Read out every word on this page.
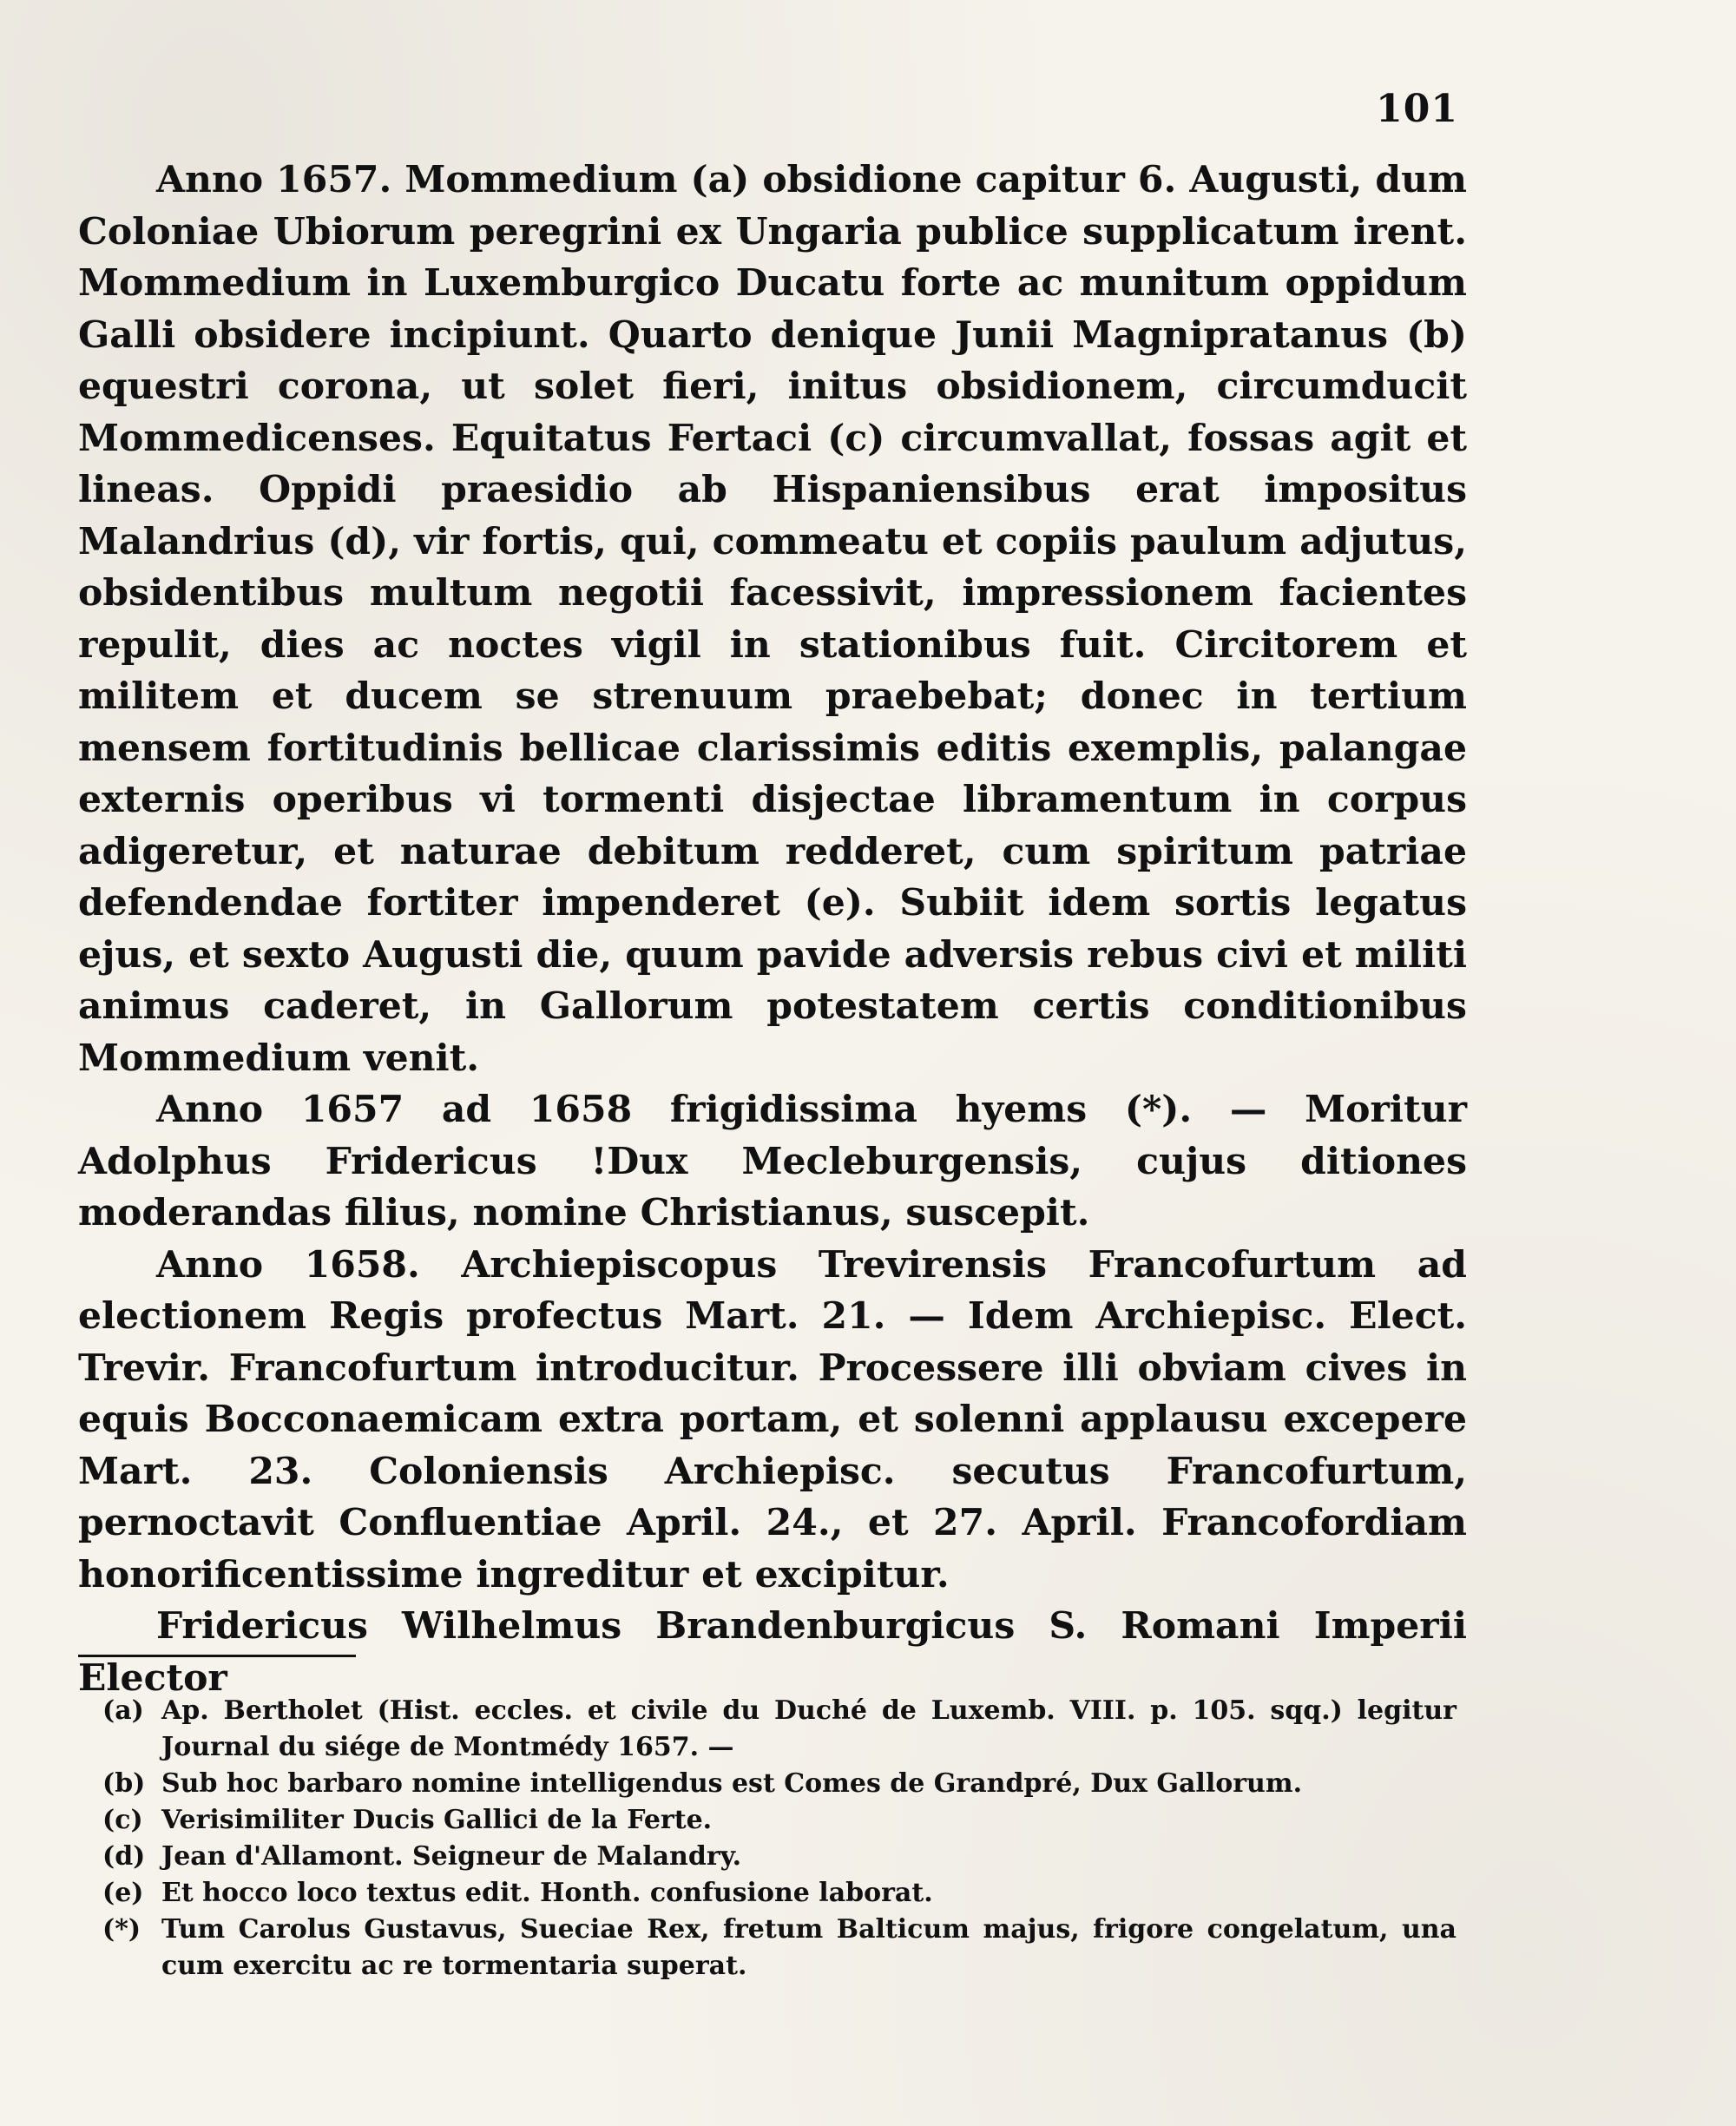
101

Anno 1657. Mommedium (a) obsidione capitur 6. Augusti, dum Coloniae Ubiorum peregrini ex Ungaria publice supplicatum irent. Mommedium in Luxemburgico Ducatu forte ac munitum oppidum Galli obsidere incipiunt. Quarto denique Junii Magnipratanus (b) equestri corona, ut solet fieri, initus obsidionem, circumducit Mommedicenses. Equitatus Fertaci (c) circumvallat, fossas agit et lineas. Oppidi praesidio ab Hispaniensibus erat impositus Malandrius (d), vir fortis, qui, commeatu et copiis paulum adjutus, obsidentibus multum negotii facessivit, impressionem facientes repulit, dies ac noctes vigil in stationibus fuit. Circitorem et militem et ducem se strenuum praebebat; donec in tertium mensem fortitudinis bellicae clarissimis editis exemplis, palangae externis operibus vi tormenti disjectae libramentum in corpus adigeretur, et naturae debitum redderet, cum spiritum patriae defendendae fortiter impenderet (e). Subiit idem sortis legatus ejus, et sexto Augusti die, quum pavide adversis rebus civi et militi animus caderet, in Gallorum potestatem certis conditionibus Mommedium venit.

Anno 1657 ad 1658 frigidissima hyems (*). — Moritur Adolphus Fridericus !Dux Mecleburgensis, cujus ditiones moderandas filius, nomine Christianus, suscepit.

Anno 1658. Archiepiscopus Trevirensis Francofurtum ad electionem Regis profectus Mart. 21. — Idem Archiepisc. Elect. Trevir. Francofurtum introducitur. Processere illi obviam cives in equis Bocconaemicam extra portam, et solenni applausu excepere Mart. 23. Coloniensis Archiepisc. secutus Francofurtum, pernoctavit Confluentiae April. 24., et 27. April. Francofordiam honorificentissime ingreditur et excipitur.

Fridericus Wilhelmus Brandenburgicus S. Romani Imperii Elector

(a) Ap. Bertholet (Hist. eccles. et civile du Duché de Luxemb. VIII. p. 105. sqq.) legitur Journal du siége de Montmédy 1657. —
(b) Sub hoc barbaro nomine intelligendus est Comes de Grandpré, Dux Gallorum.
(c) Verisimiliter Ducis Gallici de la Ferte.
(d) Jean d'Allamont. Seigneur de Malandry.
(e) Et hocco loco textus edit. Honth. confusione laborat.
(*) Tum Carolus Gustavus, Sueciae Rex, fretum Balticum majus, frigore congelatum, una cum exercitu ac re tormentaria superat.
